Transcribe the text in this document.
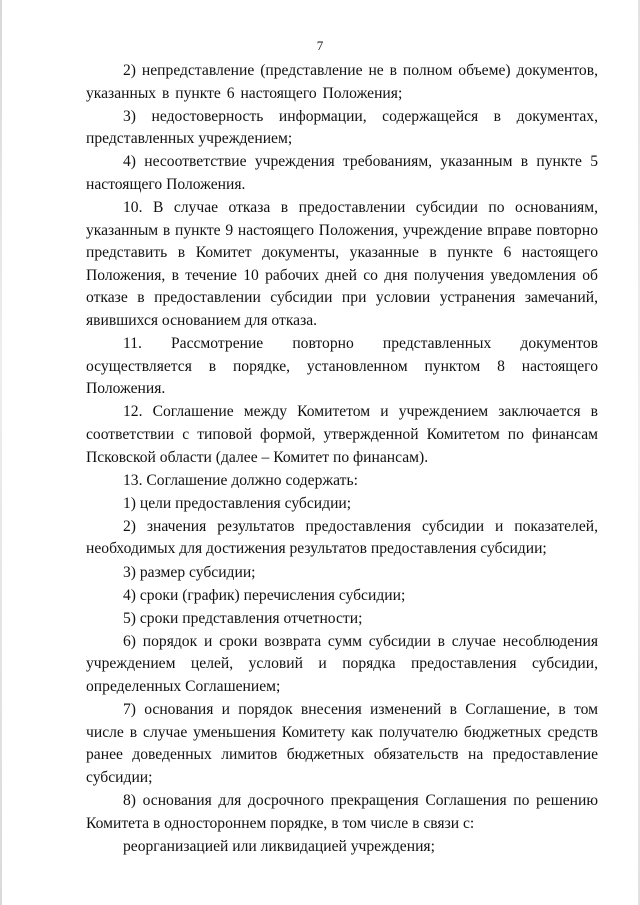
7

2) непредставление (представление не в полном объеме) документов, указанных в пункте 6 настоящего Положения;

3) недостоверность информации, содержащейся в документах, представленных учреждением;

4) несоответствие учреждения требованиям, указанным в пункте 5 настоящего Положения.

10. В случае отказа в предоставлении субсидии по основаниям, указанным в пункте 9 настоящего Положения, учреждение вправе повторно представить в Комитет документы, указанные в пункте 6 настоящего Положения, в течение 10 рабочих дней со дня получения уведомления об отказе в предоставлении субсидии при условии устранения замечаний, явившихся основанием для отказа.

11. Рассмотрение повторно представленных документов осуществляется в порядке, установленном пунктом 8 настоящего Положения.

12. Соглашение между Комитетом и учреждением заключается в соответствии с типовой формой, утвержденной Комитетом по финансам Псковской области (далее – Комитет по финансам).

13. Соглашение должно содержать:

1) цели предоставления субсидии;

2) значения результатов предоставления субсидии и показателей, необходимых для достижения результатов предоставления субсидии;

3) размер субсидии;

4) сроки (график) перечисления субсидии;

5) сроки представления отчетности;

6) порядок и сроки возврата сумм субсидии в случае несоблюдения учреждением целей, условий и порядка предоставления субсидии, определенных Соглашением;

7) основания и порядок внесения изменений в Соглашение, в том числе в случае уменьшения Комитету как получателю бюджетных средств ранее доведенных лимитов бюджетных обязательств на предоставление субсидии;

8) основания для досрочного прекращения Соглашения по решению Комитета в одностороннем порядке, в том числе в связи с:

реорганизацией или ликвидацией учреждения;
